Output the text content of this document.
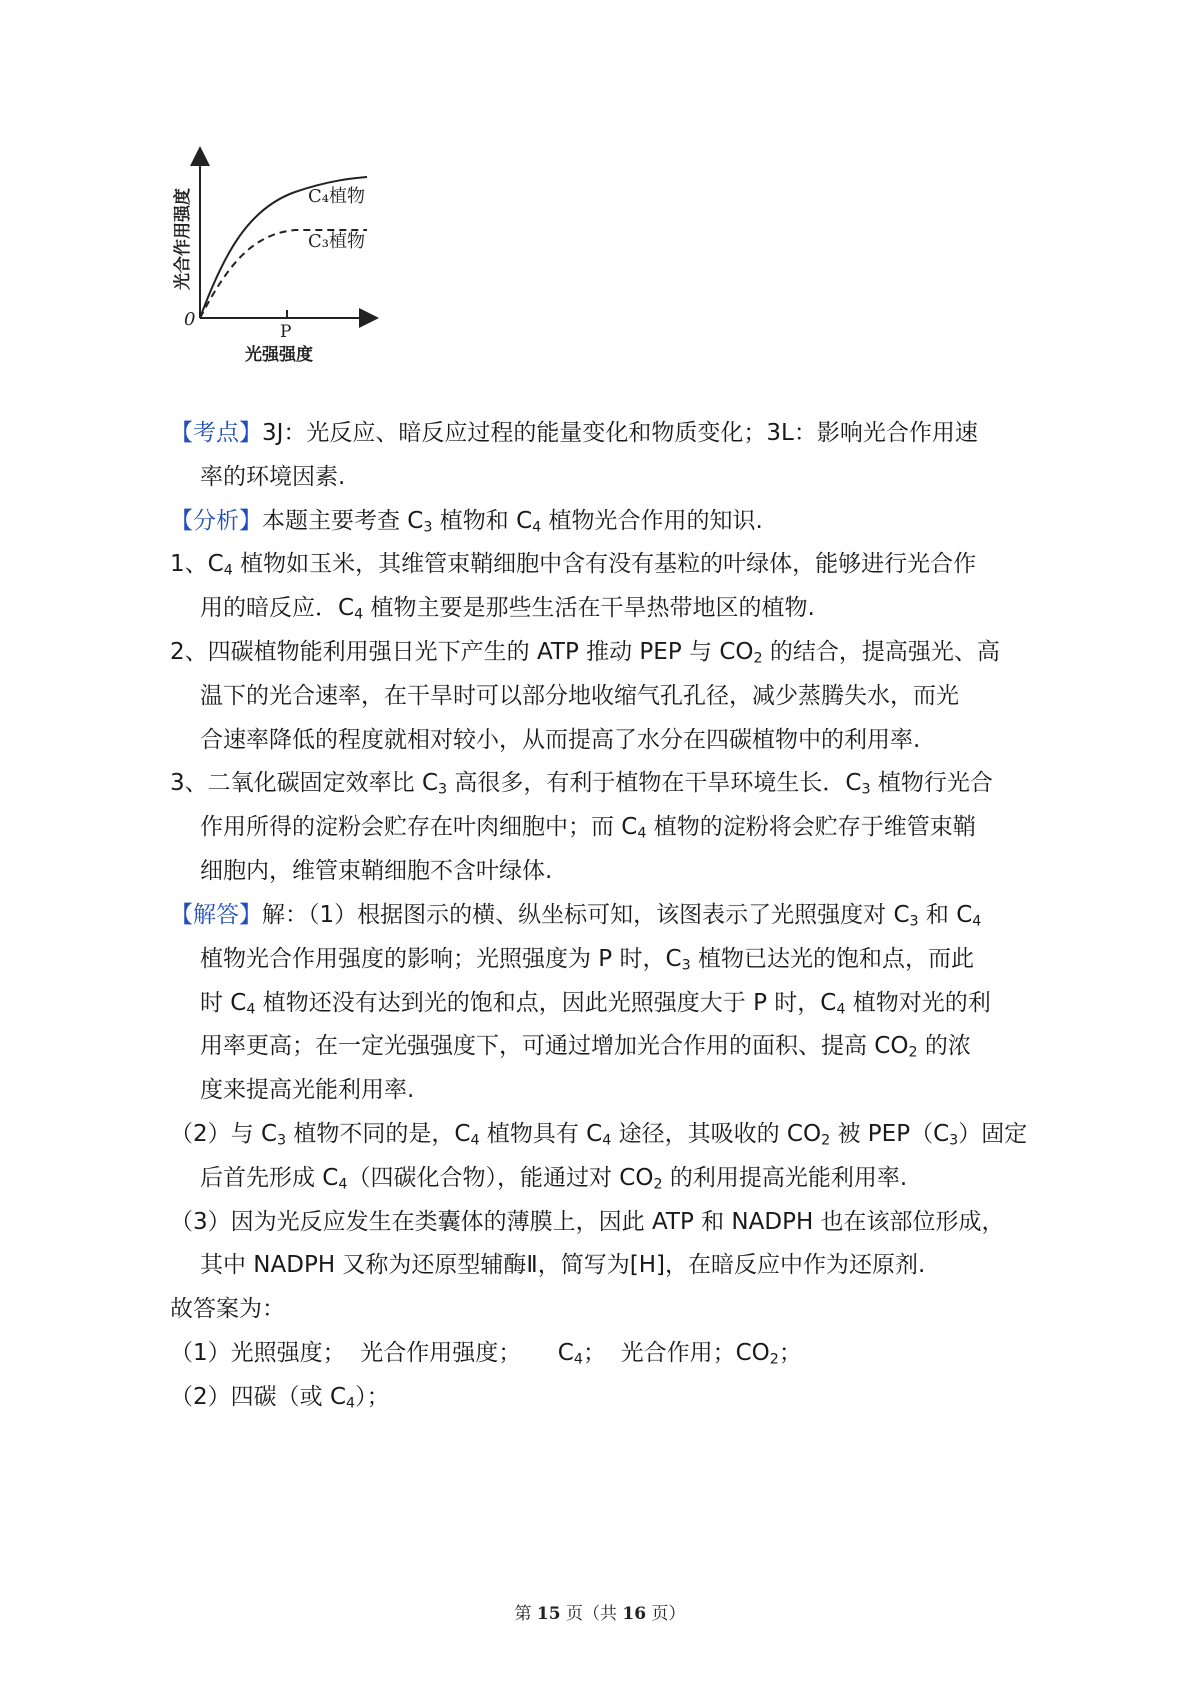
0
P
光强强度
光合作用强度	C₄植物
C₃植物
【考点】3J：光反应、暗反应过程的能量变化和物质变化；3L：影响光合作用速
率的环境因素.
【分析】本题主要考查 $C_3$ 植物和 $C_4$ 植物光合作用的知识.
1、$C_4$ 植物如玉米，其维管束鞘细胞中含有没有基粒的叶绿体，能够进行光合作
用的暗反应．$C_4$ 植物主要是那些生活在干旱热带地区的植物.
2、四碳植物能利用强日光下产生的 ATP 推动 PEP 与 $CO_2$ 的结合，提高强光、高
温下的光合速率，在干旱时可以部分地收缩气孔孔径，减少蒸腾失水，而光
合速率降低的程度就相对较小，从而提高了水分在四碳植物中的利用率.
3、二氧化碳固定效率比 $C_3$ 高很多，有利于植物在干旱环境生长．$C_3$ 植物行光合
作用所得的淀粉会贮存在叶肉细胞中；而 $C_4$ 植物的淀粉将会贮存于维管束鞘
细胞内，维管束鞘细胞不含叶绿体.
【解答】解：（1）根据图示的横、纵坐标可知，该图表示了光照强度对 $C_3$ 和 $C_4$
植物光合作用强度的影响；光照强度为 P 时，$C_3$ 植物已达光的饱和点，而此
时 $C_4$ 植物还没有达到光的饱和点，因此光照强度大于 P 时，$C_4$ 植物对光的利
用率更高；在一定光强强度下，可通过增加光合作用的面积、提高 $CO_2$ 的浓
度来提高光能利用率.
（2）与 $C_3$ 植物不同的是，$C_4$ 植物具有 $C_4$ 途径，其吸收的 $CO_2$ 被 $PEP(C_3)$固定
后首先形成 $C_4$（四碳化合物），能通过对 $CO_2$ 的利用提高光能利用率.
（3）因为光反应发生在类囊体的薄膜上，因此 ATP 和 NADPH 也在该部位形成，
其中 NADPH 又称为还原型辅酶Ⅱ，简写为[H]，在暗反应中作为还原剂.
故答案为：
（1）光照强度；  光合作用强度；     $C_4$；  光合作用；$CO_2$；
（2）四碳（或 $C_4$）；
第 15 页（共 16 页）
